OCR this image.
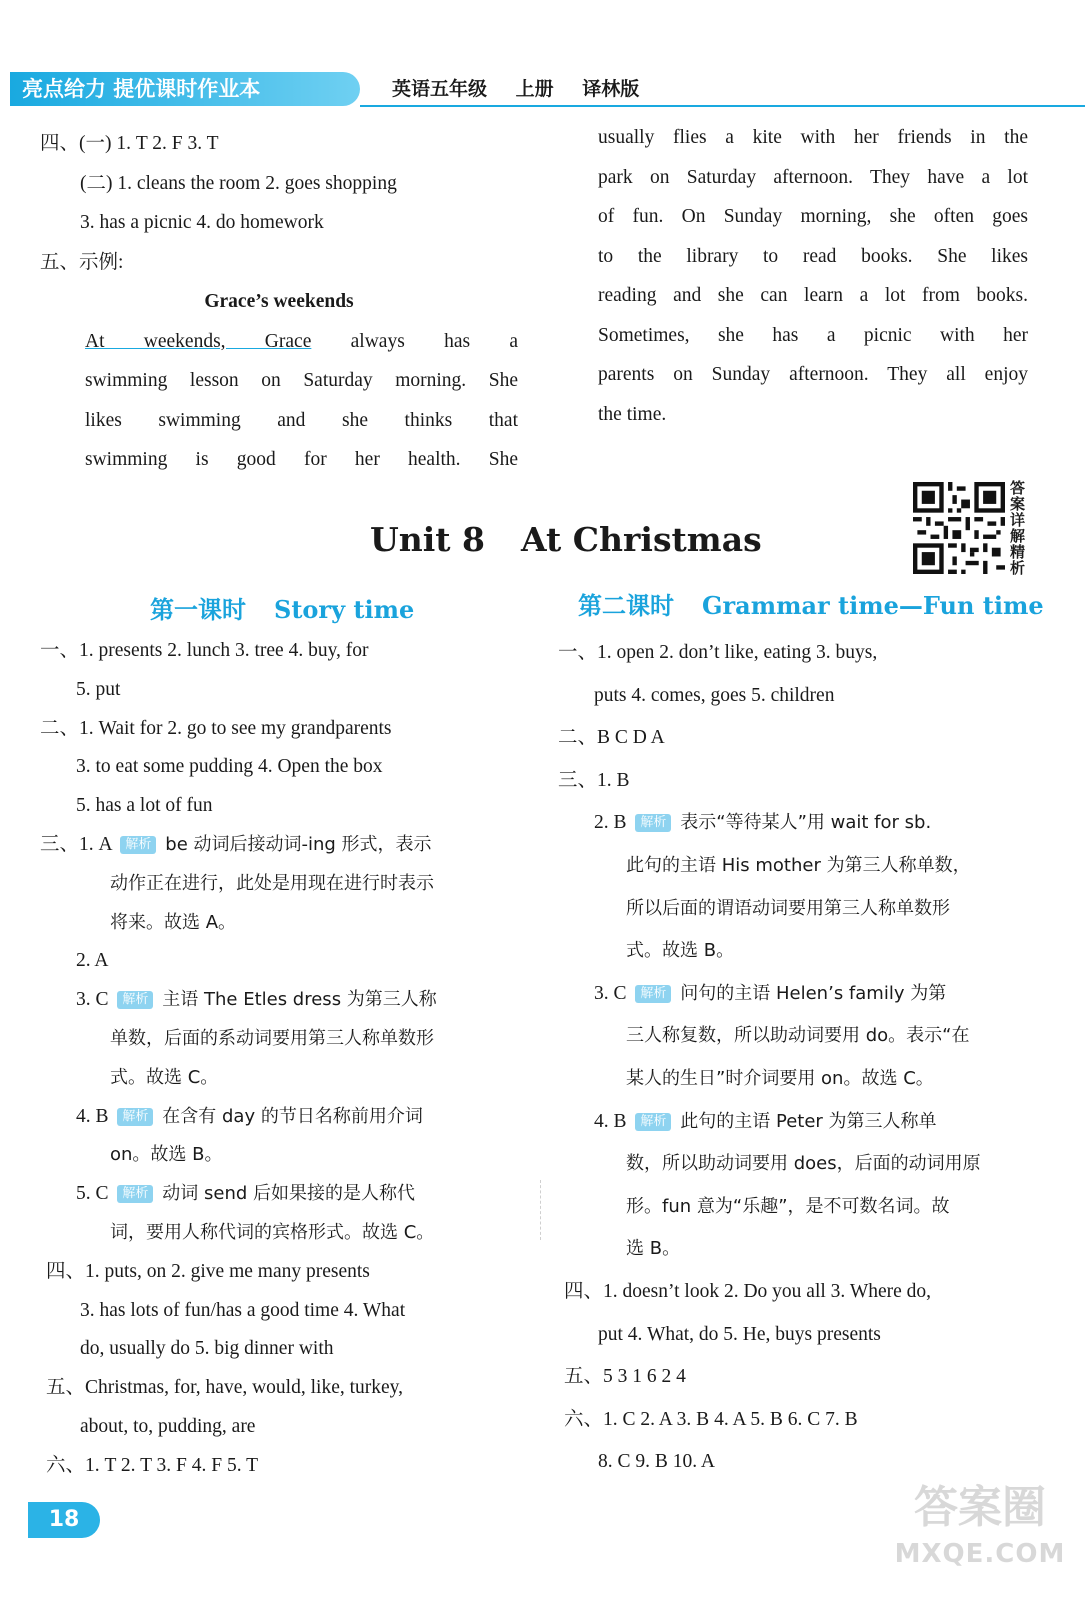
亮点给力 提优课时作业本	英语五年级 上册 译林版
四、(一) 1. T 2. F 3. T
(二) 1. cleans the room 2. goes shopping
3. has a picnic 4. do homework
五、示例:
Grace’s weekends
At weekends, Grace always has a
swimming lesson on Saturday morning. She
likes swimming and she thinks that
swimming is good for her health. She
usually flies a kite with her friends in the
park on Saturday afternoon. They have a lot
of fun. On Sunday morning, she often goes
to the library to read books. She likes
reading and she can learn a lot from books.
Sometimes, she has a picnic with her
parents on Sunday afternoon. They all enjoy
the time.
Unit 8 At Christmas	答案详解精析
第一课时 Story time	第二课时 Grammar time—Fun time
一、1. presents 2. lunch 3. tree 4. buy, for
5. put
二、1. Wait for 2. go to see my grandparents
3. to eat some pudding 4. Open the box
5. has a lot of fun
三、1. A 解析 be 动词后接动词-ing 形式，表示
动作正在进行，此处是用现在进行时表示
将来。故选 A。
2. A
3. C 解析 主语 The Etles dress 为第三人称
单数，后面的系动词要用第三人称单数形
式。故选 C。
4. B 解析 在含有 day 的节日名称前用介词
on。故选 B。
5. C 解析 动词 send 后如果接的是人称代
词，要用人称代词的宾格形式。故选 C。
四、1. puts, on 2. give me many presents
3. has lots of fun/has a good time 4. What
do, usually do 5. big dinner with
五、Christmas, for, have, would, like, turkey,
about, to, pudding, are
六、1. T 2. T 3. F 4. F 5. T
一、1. open 2. don’t like, eating 3. buys,
puts 4. comes, goes 5. children
二、B C D A
三、1. B
2. B 解析 表示“等待某人”用 wait for sb.
此句的主语 His mother 为第三人称单数，
所以后面的谓语动词要用第三人称单数形
式。故选 B。
3. C 解析 问句的主语 Helen’s family 为第
三人称复数，所以助动词要用 do。表示“在
某人的生日”时介词要用 on。故选 C。
4. B 解析 此句的主语 Peter 为第三人称单
数，所以助动词要用 does，后面的动词用原
形。fun 意为“乐趣”，是不可数名词。故
选 B。
四、1. doesn’t look 2. Do you all 3. Where do,
put 4. What, do 5. He, buys presents
五、5 3 1 6 2 4
六、1. C 2. A 3. B 4. A 5. B 6. C 7. B
8. C 9. B 10. A
18	答案圈
MXQE.COM
